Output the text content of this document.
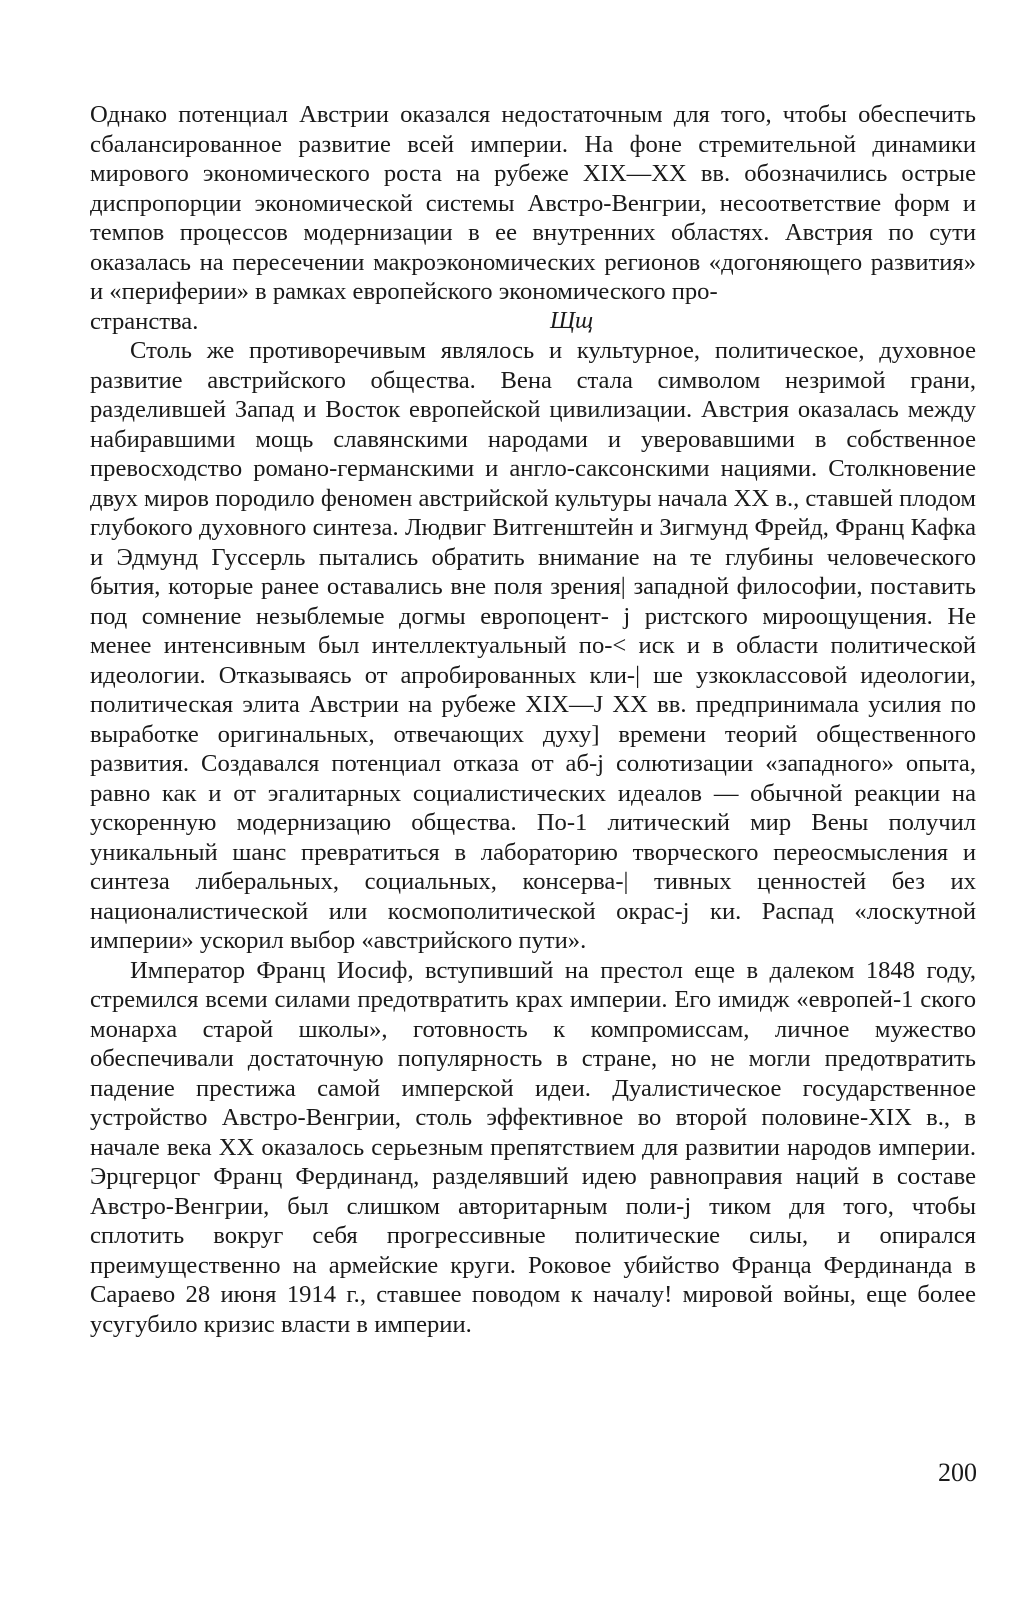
Однако потенциал Австрии оказался недостаточным для того, чтобы обеспечить сбалансированное развитие всей империи. На фоне стремительной динамики мирового экономического роста на рубеже XIX—XX вв. обозначились острые диспропорции экономической системы Австро-Венгрии, несоответствие форм и темпов процессов модернизации в ее внутренних областях. Австрия по сути оказалась на пересечении макроэкономических регионов «догоняющего развития» и «периферии» в рамках европейского экономического про-

странства.	Щщ

Столь же противоречивым являлось и культурное, политическое, духовное развитие австрийского общества. Вена стала символом незримой грани, разделившей Запад и Восток европейской цивилизации. Австрия оказалась между набиравшими мощь славянскими народами и уверовавшими в собственное превосходство романо-германскими и англо-саксонскими нациями. Столкновение двух миров породило феномен австрийской культуры начала XX в., ставшей плодом глубокого духовного синтеза. Людвиг Витгенштейн и Зигмунд Фрейд, Франц Кафка и Эдмунд Гуссерль пытались обратить внимание на те глубины человеческого бытия, которые ранее оставались вне поля зрения| западной философии, поставить под сомнение незыблемые догмы европоцент- j ристского мироощущения. Не менее интенсивным был интеллектуальный по-< иск и в области политической идеологии. Отказываясь от апробированных кли-| ше узкоклассовой идеологии, политическая элита Австрии на рубеже XIX—J XX вв. предпринимала усилия по выработке оригинальных, отвечающих духу] времени теорий общественного развития. Создавался потенциал отказа от аб-j солютизации «западного» опыта, равно как и от эгалитарных социалистических идеалов — обычной реакции на ускоренную модернизацию общества. По-1 литический мир Вены получил уникальный шанс превратиться в лабораторию творческого переосмысления и синтеза либеральных, социальных, консерва-| тивных ценностей без их националистической или космополитической окрас-j ки. Распад «лоскутной империи» ускорил выбор «австрийского пути».

Император Франц Иосиф, вступивший на престол еще в далеком 1848 году, стремился всеми силами предотвратить крах империи. Его имидж «европей-1 ского монарха старой школы», готовность к компромиссам, личное мужество обеспечивали достаточную популярность в стране, но не могли предотвратить падение престижа самой имперской идеи. Дуалистическое государственное устройство Австро-Венгрии, столь эффективное во второй половине-XIX в., в начале века XX оказалось серьезным препятствием для развитии народов империи. Эрцгерцог Франц Фердинанд, разделявший идею равноправия наций в составе Австро-Венгрии, был слишком авторитарным поли-j тиком для того, чтобы сплотить вокруг себя прогрессивные политические силы, и опирался преимущественно на армейские круги. Роковое убийство Франца Фердинанда в Сараево 28 июня 1914 г., ставшее поводом к началу! мировой войны, еще более усугубило кризис власти в империи.

200
